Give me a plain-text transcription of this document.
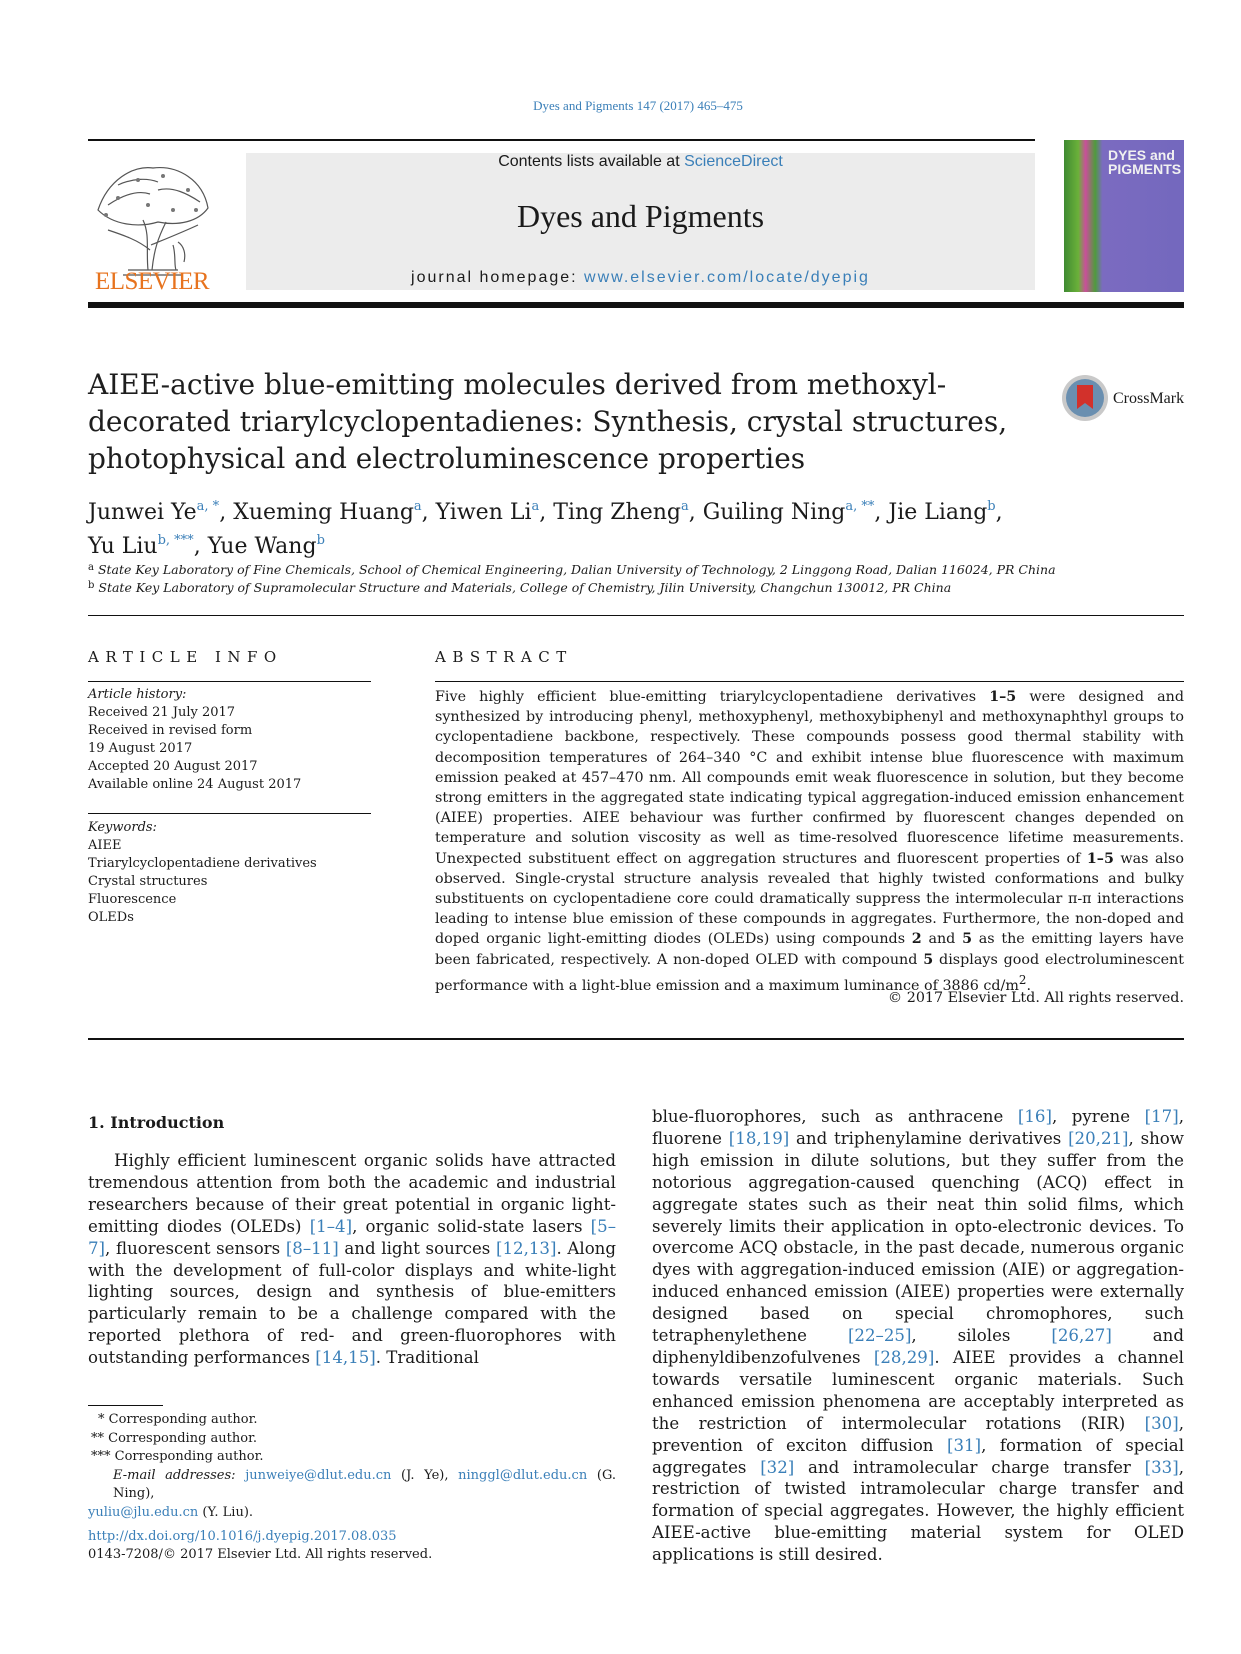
Dyes and Pigments 147 (2017) 465–475
ELSEVIER
Contents lists available at ScienceDirect
Dyes and Pigments
journal homepage: www.elsevier.com/locate/dyepig
DYES and PIGMENTS
AIEE-active blue-emitting molecules derived from methoxyl-decorated triarylcyclopentadienes: Synthesis, crystal structures, photophysical and electroluminescence properties
CrossMark
Junwei $Ye^{a, *}$, Xueming Huang$^a$, Yiwen Li$^a$, Ting Zheng$^a$, Guiling Ning$^{a, **}$, Jie Liang$^b$,
Yu Liu$^{b, ***}$, Yue Wang$^b$
$^a$ State Key Laboratory of Fine Chemicals, School of Chemical Engineering, Dalian University of Technology, 2 Linggong Road, Dalian 116024, PR China
$^b$ State Key Laboratory of Supramolecular Structure and Materials, College of Chemistry, Jilin University, Changchun 130012, PR China
ARTICLE INFO
Article history:
Received 21 July 2017
Received in revised form
19 August 2017
Accepted 20 August 2017
Available online 24 August 2017
Keywords:
AIEE
Triarylcyclopentadiene derivatives
Crystal structures
Fluorescence
OLEDs
ABSTRACT
Five highly efficient blue-emitting triarylcyclopentadiene derivatives 1–5 were designed and synthesized by introducing phenyl, methoxyphenyl, methoxybiphenyl and methoxynaphthyl groups to cyclopentadiene backbone, respectively. These compounds possess good thermal stability with decomposition temperatures of 264–340 °C and exhibit intense blue fluorescence with maximum emission peaked at 457–470 nm. All compounds emit weak fluorescence in solution, but they become strong emitters in the aggregated state indicating typical aggregation-induced emission enhancement (AIEE) properties. AIEE behaviour was further confirmed by fluorescent changes depended on temperature and solution viscosity as well as time-resolved fluorescence lifetime measurements. Unexpected substituent effect on aggregation structures and fluorescent properties of 1–5 was also observed. Single-crystal structure analysis revealed that highly twisted conformations and bulky substituents on cyclopentadiene core could dramatically suppress the intermolecular π-π interactions leading to intense blue emission of these compounds in aggregates. Furthermore, the non-doped and doped organic light-emitting diodes (OLEDs) using compounds 2 and 5 as the emitting layers have been fabricated, respectively. A non-doped OLED with compound 5 displays good electroluminescent performance with a light-blue emission and a maximum luminance of 3886 $cd/m^2$.
© 2017 Elsevier Ltd. All rights reserved.
1. Introduction
Highly efficient luminescent organic solids have attracted tremendous attention from both the academic and industrial researchers because of their great potential in organic light-emitting diodes (OLEDs) [1–4], organic solid-state lasers [5–7], fluorescent sensors [8–11] and light sources [12,13]. Along with the development of full-color displays and white-light lighting sources, design and synthesis of blue-emitters particularly remain to be a challenge compared with the reported plethora of red- and green-fluorophores with outstanding performances [14,15]. Traditional
blue-fluorophores, such as anthracene [16], pyrene [17], fluorene [18,19] and triphenylamine derivatives [20,21], show high emission in dilute solutions, but they suffer from the notorious aggregation-caused quenching (ACQ) effect in aggregate states such as their neat thin solid films, which severely limits their application in opto-electronic devices. To overcome ACQ obstacle, in the past decade, numerous organic dyes with aggregation-induced emission (AIE) or aggregation-induced enhanced emission (AIEE) properties were externally designed based on special chromophores, such tetraphenylethene [22–25], siloles [26,27] and diphenyldibenzofulvenes [28,29]. AIEE provides a channel towards versatile luminescent organic materials. Such enhanced emission phenomena are acceptably interpreted as the restriction of intermolecular rotations (RIR) [30], prevention of exciton diffusion [31], formation of special aggregates [32] and intramolecular charge transfer [33], restriction of twisted intramolecular charge transfer and formation of special aggregates. However, the highly efficient AIEE-active blue-emitting material system for OLED applications is still desired.
* Corresponding author.
** Corresponding author.
*** Corresponding author.
E-mail addresses: junweiye@dlut.edu.cn (J. Ye), ninggl@dlut.edu.cn (G. Ning),
yuliu@jlu.edu.cn (Y. Liu).
http://dx.doi.org/10.1016/j.dyepig.2017.08.035
0143-7208/© 2017 Elsevier Ltd. All rights reserved.
